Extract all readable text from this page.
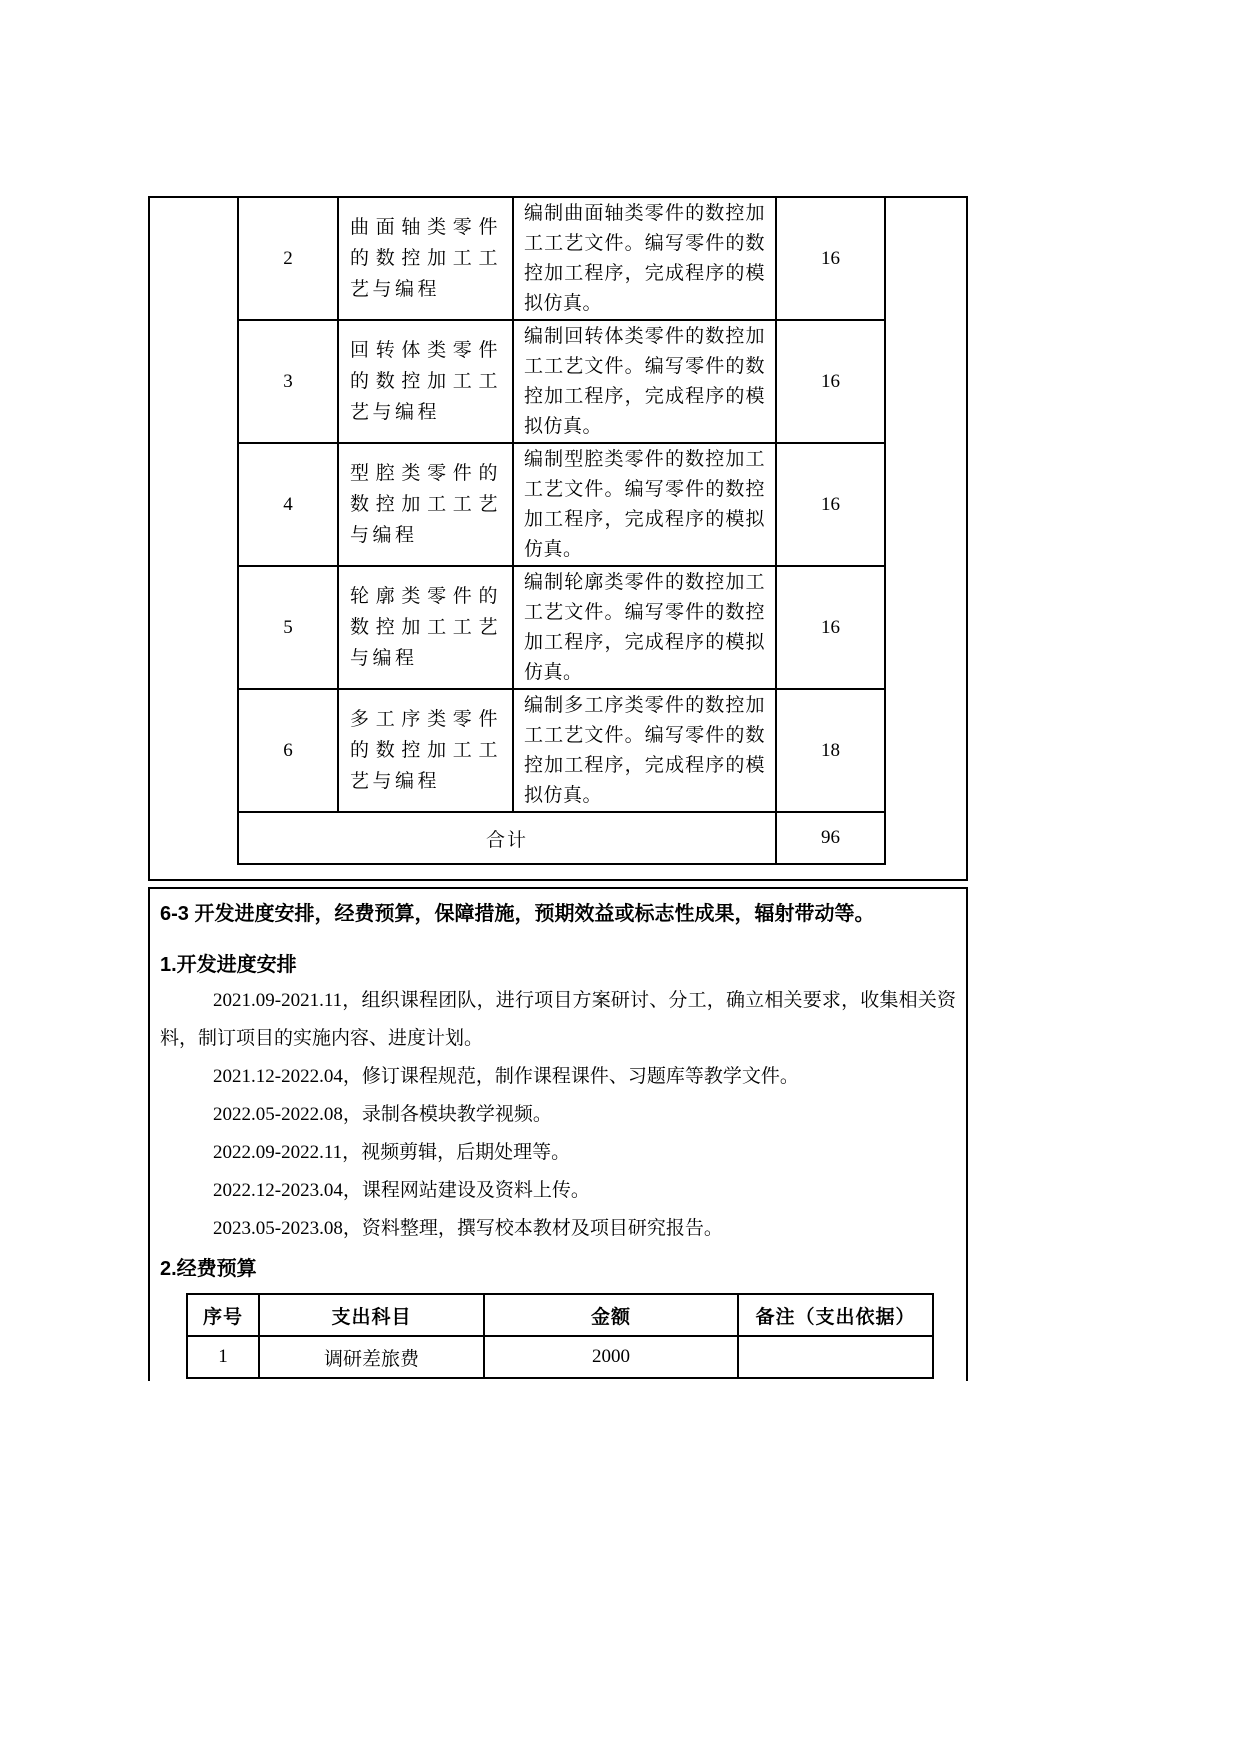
2	曲面轴类零件的数控加工工艺与编程	编制曲面轴类零件的数控加工工艺文件。编写零件的数控加工程序，完成程序的模拟仿真。	16
3	回转体类零件的数控加工工艺与编程	编制回转体类零件的数控加工工艺文件。编写零件的数控加工程序，完成程序的模拟仿真。	16
4	型腔类零件的数控加工工艺与编程	编制型腔类零件的数控加工工艺文件。编写零件的数控加工程序，完成程序的模拟仿真。	16
5	轮廓类零件的数控加工工艺与编程	编制轮廓类零件的数控加工工艺文件。编写零件的数控加工程序，完成程序的模拟仿真。	16
6	多工序类零件的数控加工工艺与编程	编制多工序类零件的数控加工工艺文件。编写零件的数控加工程序，完成程序的模拟仿真。	18
合计			96
6-3 开发进度安排，经费预算，保障措施，预期效益或标志性成果，辐射带动等。
1.开发进度安排

2021.09-2021.11，组织课程团队，进行项目方案研讨、分工，确立相关要求，收集相关资料，制订项目的实施内容、进度计划。

2021.12-2022.04，修订课程规范，制作课程课件、习题库等教学文件。

2022.05-2022.08，录制各模块教学视频。

2022.09-2022.11，视频剪辑，后期处理等。

2022.12-2023.04，课程网站建设及资料上传。

2023.05-2023.08，资料整理，撰写校本教材及项目研究报告。

2.经费预算
序号	支出科目	金额	备注（支出依据）
1	调研差旅费	2000	
